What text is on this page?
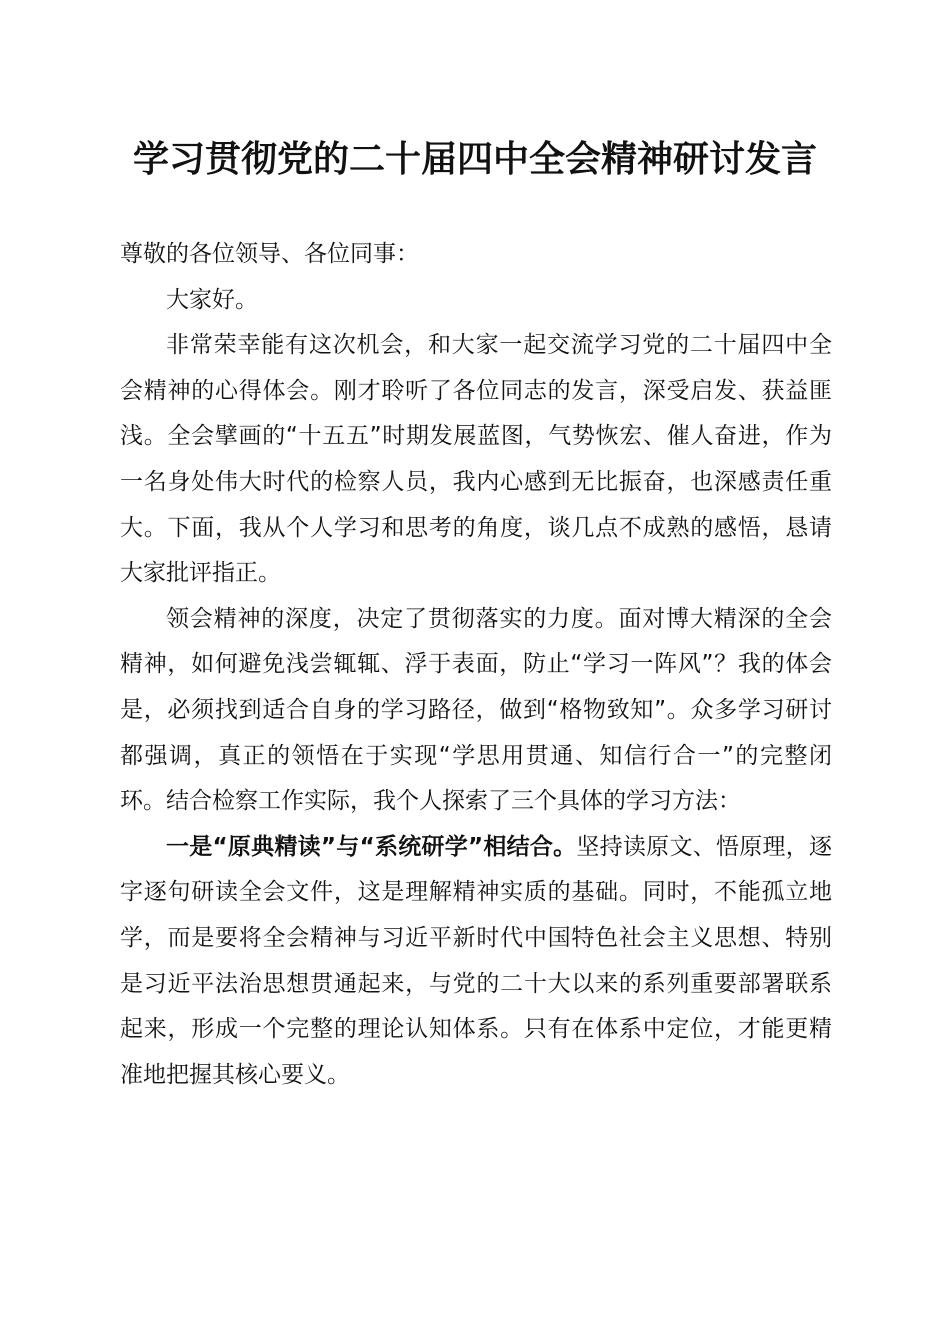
学习贯彻党的二十届四中全会精神研讨发言

尊敬的各位领导、各位同事：

大家好。

非常荣幸能有这次机会，和大家一起交流学习党的二十届四中全会精神的心得体会。刚才聆听了各位同志的发言，深受启发、获益匪浅。全会擘画的“十五五”时期发展蓝图，气势恢宏、催人奋进，作为一名身处伟大时代的检察人员，我内心感到无比振奋，也深感责任重大。下面，我从个人学习和思考的角度，谈几点不成熟的感悟，恳请大家批评指正。

领会精神的深度，决定了贯彻落实的力度。面对博大精深的全会精神，如何避免浅尝辄辄、浮于表面，防止“学习一阵风”？我的体会是，必须找到适合自身的学习路径，做到“格物致知”。众多学习研讨都强调，真正的领悟在于实现“学思用贯通、知信行合一”的完整闭环。结合检察工作实际，我个人探索了三个具体的学习方法：

一是“原典精读”与“系统研学”相结合。坚持读原文、悟原理，逐字逐句研读全会文件，这是理解精神实质的基础。同时，不能孤立地学，而是要将全会精神与习近平新时代中国特色社会主义思想、特别是习近平法治思想贯通起来，与党的二十大以来的系列重要部署联系起来，形成一个完整的理论认知体系。只有在体系中定位，才能更精准地把握其核心要义。
